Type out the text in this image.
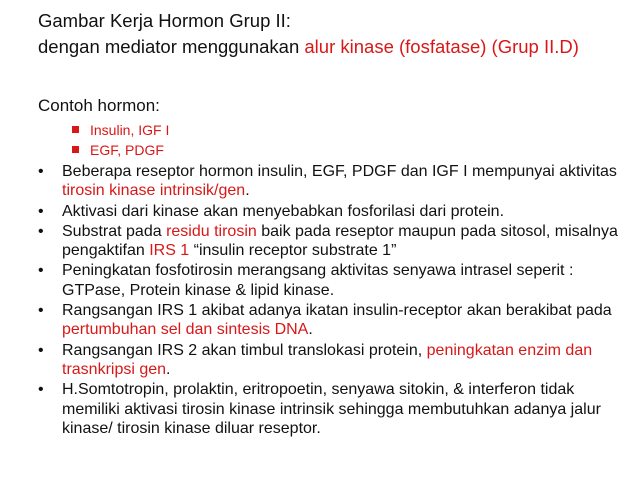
Gambar Kerja Hormon Grup II:
dengan mediator menggunakan alur kinase (fosfatase) (Grup II.D)

Contoh hormon:

Insulin, IGF I
EGF, PDGF
• Beberapa reseptor hormon insulin, EGF, PDGF dan IGF I mempunyai aktivitas tirosin kinase intrinsik/gen.
• Aktivasi dari kinase akan menyebabkan fosforilasi dari protein.
• Substrat pada residu tirosin baik pada reseptor maupun pada sitosol, misalnya pengaktifan IRS 1 “insulin receptor substrate 1”
• Peningkatan fosfotirosin merangsang aktivitas senyawa intrasel seperit : GTPase, Protein kinase & lipid kinase.
• Rangsangan IRS 1 akibat adanya ikatan insulin-receptor akan berakibat pada pertumbuhan sel dan sintesis DNA.
• Rangsangan IRS 2 akan timbul translokasi protein, peningkatan enzim dan trasnkripsi gen.
• H.Somtotropin, prolaktin, eritropoetin, senyawa sitokin, & interferon tidak memiliki aktivasi tirosin kinase intrinsik sehingga membutuhkan adanya jalur kinase/ tirosin kinase diluar reseptor.
